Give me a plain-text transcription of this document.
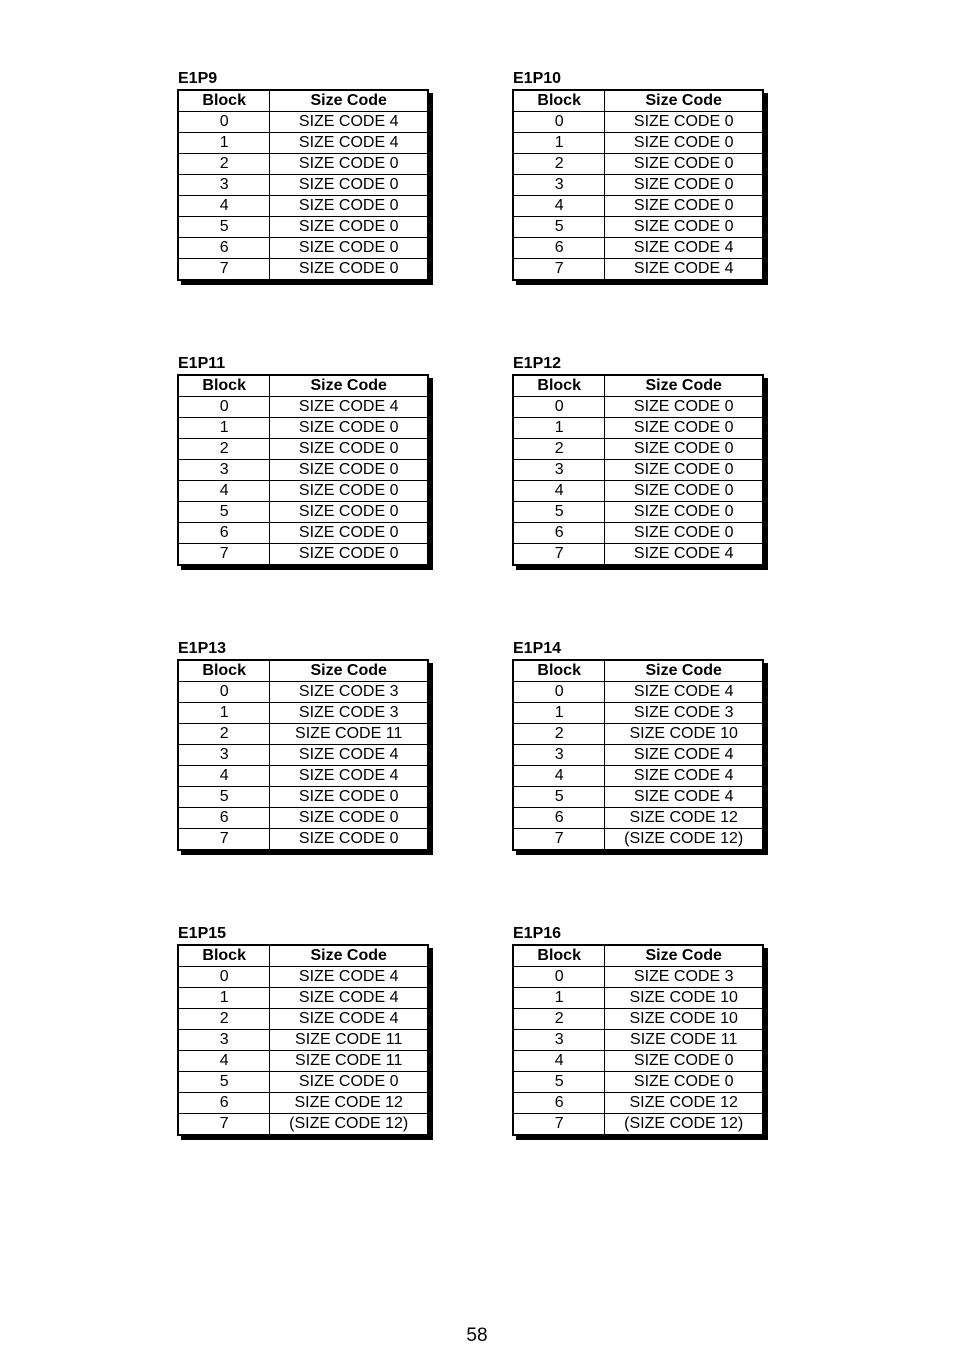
E1P9
Block	Size Code
0	SIZE CODE 4
1	SIZE CODE 4
2	SIZE CODE 0
3	SIZE CODE 0
4	SIZE CODE 0
5	SIZE CODE 0
6	SIZE CODE 0
7	SIZE CODE 0
E1P10
Block	Size Code
0	SIZE CODE 0
1	SIZE CODE 0
2	SIZE CODE 0
3	SIZE CODE 0
4	SIZE CODE 0
5	SIZE CODE 0
6	SIZE CODE 4
7	SIZE CODE 4
E1P11
Block	Size Code
0	SIZE CODE 4
1	SIZE CODE 0
2	SIZE CODE 0
3	SIZE CODE 0
4	SIZE CODE 0
5	SIZE CODE 0
6	SIZE CODE 0
7	SIZE CODE 0
E1P12
Block	Size Code
0	SIZE CODE 0
1	SIZE CODE 0
2	SIZE CODE 0
3	SIZE CODE 0
4	SIZE CODE 0
5	SIZE CODE 0
6	SIZE CODE 0
7	SIZE CODE 4
E1P13
Block	Size Code
0	SIZE CODE 3
1	SIZE CODE 3
2	SIZE CODE 11
3	SIZE CODE 4
4	SIZE CODE 4
5	SIZE CODE 0
6	SIZE CODE 0
7	SIZE CODE 0
E1P14
Block	Size Code
0	SIZE CODE 4
1	SIZE CODE 3
2	SIZE CODE 10
3	SIZE CODE 4
4	SIZE CODE 4
5	SIZE CODE 4
6	SIZE CODE 12
7	(SIZE CODE 12)
E1P15
Block	Size Code
0	SIZE CODE 4
1	SIZE CODE 4
2	SIZE CODE 4
3	SIZE CODE 11
4	SIZE CODE 11
5	SIZE CODE 0
6	SIZE CODE 12
7	(SIZE CODE 12)
E1P16
Block	Size Code
0	SIZE CODE 3
1	SIZE CODE 10
2	SIZE CODE 10
3	SIZE CODE 11
4	SIZE CODE 0
5	SIZE CODE 0
6	SIZE CODE 12
7	(SIZE CODE 12)
58
